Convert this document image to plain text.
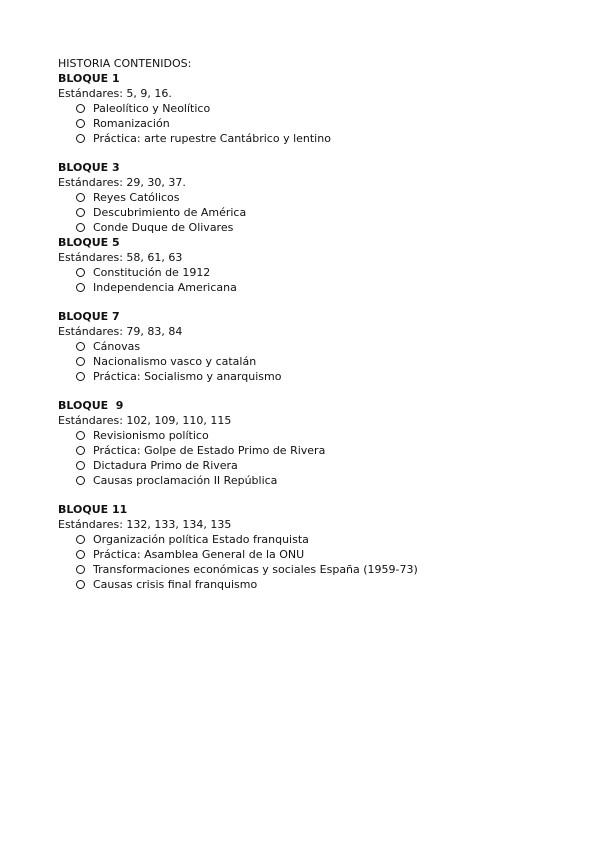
HISTORIA CONTENIDOS:
BLOQUE 1
Estándares: 5, 9, 16.
Paleolítico y Neolítico
Romanización
Práctica: arte rupestre Cantábrico y lentino
BLOQUE 3
Estándares: 29, 30, 37.
Reyes Católicos
Descubrimiento de América
Conde Duque de Olivares
BLOQUE 5
Estándares: 58, 61, 63
Constitución de 1912
Independencia Americana
BLOQUE 7
Estándares: 79, 83, 84
Cánovas
Nacionalismo vasco y catalán
Práctica: Socialismo y anarquismo
BLOQUE  9
Estándares: 102, 109, 110, 115
Revisionismo político
Práctica: Golpe de Estado Primo de Rivera
Dictadura Primo de Rivera
Causas proclamación II República
BLOQUE 11
Estándares: 132, 133, 134, 135
Organización política Estado franquista
Práctica: Asamblea General de la ONU
Transformaciones económicas y sociales España (1959-73)
Causas crisis final franquismo
